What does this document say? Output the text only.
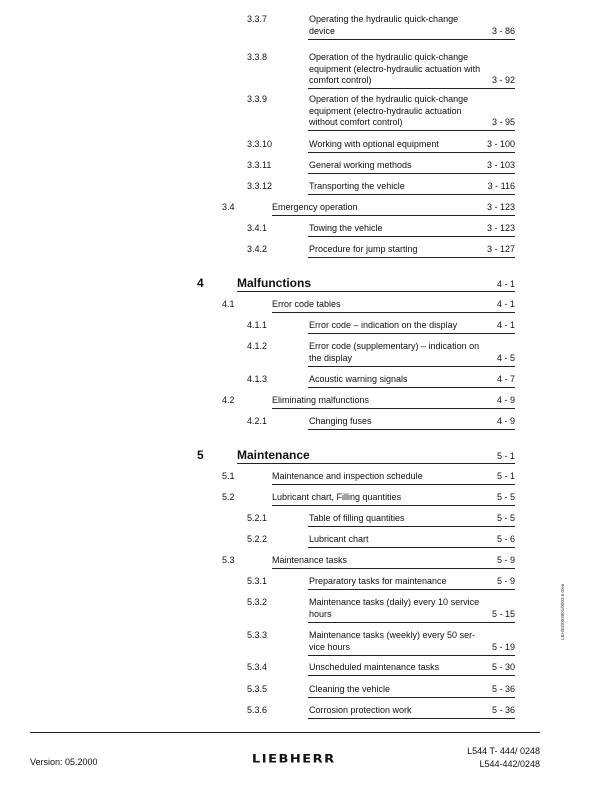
3.3.7	Operating the hydraulic quick-change
device	3 - 86
3.3.8	Operation of the hydraulic quick-change
equipment (electro-hydraulic actuation with
comfort control)	3 - 92
3.3.9	Operation of the hydraulic quick-change
equipment (electro-hydraulic actuation
without comfort control)	3 - 95
3.3.10	Working with optional equipment	3 - 100
3.3.11	General working methods	3 - 103
3.3.12	Transporting the vehicle	3 - 116
3.4	Emergency operation	3 - 123
3.4.1	Towing the vehicle	3 - 123
3.4.2	Procedure for jump starting	3 - 127
4	Malfunctions	4 - 1
4.1	Error code tables	4 - 1
4.1.1	Error code – indication on the display	4 - 1
4.1.2	Error code (supplementary) – indication on
the display	4 - 5
4.1.3	Acoustic warning signals	4 - 7
4.2	Eliminating malfunctions	4 - 9
4.2.1	Changing fuses	4 - 9
5	Maintenance	5 - 1
5.1	Maintenance and inspection schedule	5 - 1
5.2	Lubricant chart, Filling quantities	5 - 5
5.2.1	Table of filling quantities	5 - 5
5.2.2	Lubricant chart	5 - 6
5.3	Maintenance tasks	5 - 9
5.3.1	Preparatory tasks for maintenance	5 - 9
5.3.2	Maintenance tasks (daily) every 10 service
hours	5 - 15
5.3.3	Maintenance tasks (weekly) every 50 ser-
vice hours	5 - 19
5.3.4	Unscheduled maintenance tasks	5 - 30
5.3.5	Cleaning the vehicle	5 - 36
5.3.6	Corrosion protection work	5 - 36
Version: 05.2000	LIEBHERR
L544 T- 444/ 0248
L544-442/0248
LBH/02/003801/0003.6.0/en
